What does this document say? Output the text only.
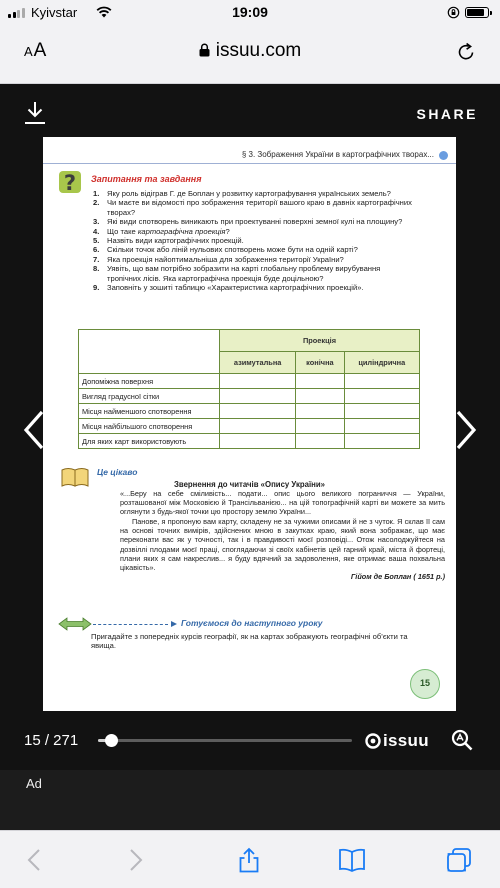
Kyivstar	19:09
AA	issuu.com
SHARE
§ 3. Зображення України в картографічних творах...
? Запитання та завдання
1. Яку роль відіграв Г. де Боплан у розвитку картографування українських земель?
2. Чи маєте ви відомості про зображення території вашого краю в давніх картографічних творах?
3. Які види спотворень виникають при проектуванні поверхні земної кулі на площину?
4. Що таке картографічна проекція?
5. Назвіть види картографічних проекцій.
6. Скільки точок або ліній нульових спотворень може бути на одній карті?
7. Яка проекція найоптимальніша для зображення території України?
8. Уявіть, що вам потрібно зобразити на карті глобальну проблему вирубування тропічних лісів. Яка картографічна проекція буде доцільною?
9. Заповніть у зошиті таблицю «Характеристика картографічних проекцій».
	Проекція		
	азимутальна	конічна	циліндрична
Допоміжна поверхня			
Вигляд градусної сітки			
Місця найменшого спотворення			
Місця найбільшого спотворення			
Для яких карт використовують			
Це цікаво
Звернення до читачів «Опису України»

«...Беру на себе сміливість... подати... опис цього великого пограниччя — України, розташованої між Московією й Трансільванією... на цій топографічній карті ви можете за мить оглянути з будь-якої точки цю простору землю України...

Панове, я пропоную вам карту, складену не за чужими описами й не з чуток. Я склав її сам на основі точних вимірів, здійснених мною в закутках краю, який вона зображає, що має переконати вас як у точності, так і в правдивості моєї розповіді... Отож насолоджуйтеся на дозвіллі плодами моєї праці, споглядаючи зі своїх кабінетів цей гарний край, міста й фортеці, плани яких я сам накреслив... я буду вдячний за задоволення, яке отримає ваша похвальна цікавість».

Гійом де Боплан ( 1651 р.)

Готуємося до наступного уроку
Пригадайте з попередніх курсів географії, як на картах зображують географічні об’єкти та явища.
15
15 / 271	issuu
Ad
